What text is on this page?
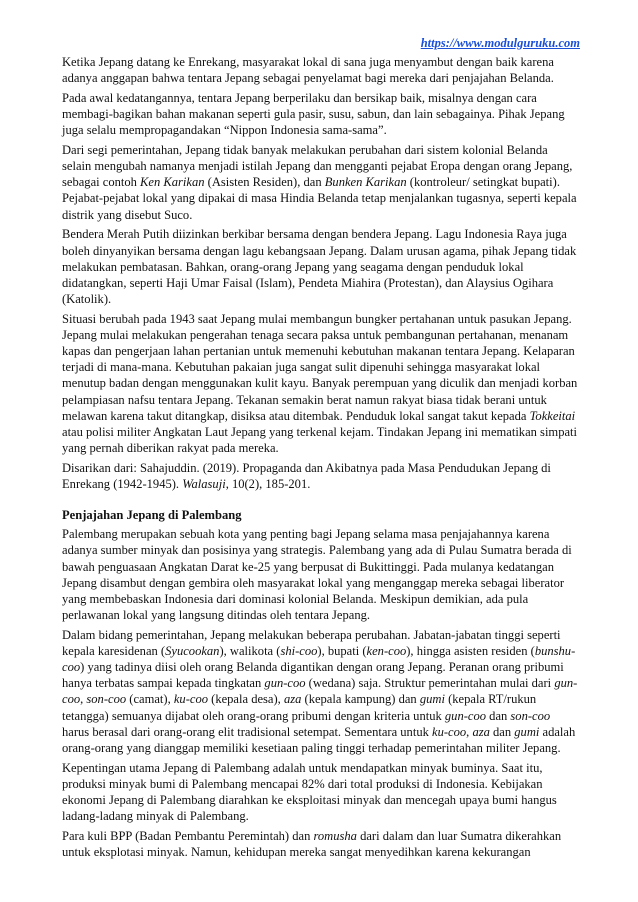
https://www.modulguruku.com

Ketika Jepang datang ke Enrekang, masyarakat lokal di sana juga menyambut dengan baik karena adanya anggapan bahwa tentara Jepang sebagai penyelamat bagi mereka dari penjajahan Belanda.

Pada awal kedatangannya, tentara Jepang berperilaku dan bersikap baik, misalnya dengan cara membagi-bagikan bahan makanan seperti gula pasir, susu, sabun, dan lain sebagainya. Pihak Jepang juga selalu mempropagandakan “Nippon Indonesia sama-sama”.

Dari segi pemerintahan, Jepang tidak banyak melakukan perubahan dari sistem kolonial Belanda selain mengubah namanya menjadi istilah Jepang dan mengganti pejabat Eropa dengan orang Jepang, sebagai contoh Ken Karikan (Asisten Residen), dan Bunken Karikan (kontroleur/ setingkat bupati). Pejabat-pejabat lokal yang dipakai di masa Hindia Belanda tetap menjalankan tugasnya, seperti kepala distrik yang disebut Suco.

Bendera Merah Putih diizinkan berkibar bersama dengan bendera Jepang. Lagu Indonesia Raya juga boleh dinyanyikan bersama dengan lagu kebangsaan Jepang. Dalam urusan agama, pihak Jepang tidak melakukan pembatasan. Bahkan, orang-orang Jepang yang seagama dengan penduduk lokal didatangkan, seperti Haji Umar Faisal (Islam), Pendeta Miahira (Protestan), dan Alaysius Ogihara (Katolik).

Situasi berubah pada 1943 saat Jepang mulai membangun bungker pertahanan untuk pasukan Jepang. Jepang mulai melakukan pengerahan tenaga secara paksa untuk pembangunan pertahanan, menanam kapas dan pengerjaan lahan pertanian untuk memenuhi kebutuhan makanan tentara Jepang. Kelaparan terjadi di mana-mana. Kebutuhan pakaian juga sangat sulit dipenuhi sehingga masyarakat lokal menutup badan dengan menggunakan kulit kayu. Banyak perempuan yang diculik dan menjadi korban pelampiasan nafsu tentara Jepang. Tekanan semakin berat namun rakyat biasa tidak berani untuk melawan karena takut ditangkap, disiksa atau ditembak. Penduduk lokal sangat takut kepada Tokkeitai atau polisi militer Angkatan Laut Jepang yang terkenal kejam. Tindakan Jepang ini mematikan simpati yang pernah diberikan rakyat pada mereka.

Disarikan dari: Sahajuddin. (2019). Propaganda dan Akibatnya pada Masa Pendudukan Jepang di Enrekang (1942-1945). Walasuji, 10(2), 185-201.

Penjajahan Jepang di Palembang

Palembang merupakan sebuah kota yang penting bagi Jepang selama masa penjajahannya karena adanya sumber minyak dan posisinya yang strategis. Palembang yang ada di Pulau Sumatra berada di bawah penguasaan Angkatan Darat ke-25 yang berpusat di Bukittinggi. Pada mulanya kedatangan Jepang disambut dengan gembira oleh masyarakat lokal yang menganggap mereka sebagai liberator yang membebaskan Indonesia dari dominasi kolonial Belanda. Meskipun demikian, ada pula perlawanan lokal yang langsung ditindas oleh tentara Jepang.

Dalam bidang pemerintahan, Jepang melakukan beberapa perubahan. Jabatan-jabatan tinggi seperti kepala karesidenan (Syucookan), walikota (shi-coo), bupati (ken-coo), hingga asisten residen (bunshu-coo) yang tadinya diisi oleh orang Belanda digantikan dengan orang Jepang. Peranan orang pribumi hanya terbatas sampai kepada tingkatan gun-coo (wedana) saja. Struktur pemerintahan mulai dari gun-coo, son-coo (camat), ku-coo (kepala desa), aza (kepala kampung) dan gumi (kepala RT/rukun tetangga) semuanya dijabat oleh orang-orang pribumi dengan kriteria untuk gun-coo dan son-coo harus berasal dari orang-orang elit tradisional setempat. Sementara untuk ku-coo, aza dan gumi adalah orang-orang yang dianggap memiliki kesetiaan paling tinggi terhadap pemerintahan militer Jepang.

Kepentingan utama Jepang di Palembang adalah untuk mendapatkan minyak buminya. Saat itu, produksi minyak bumi di Palembang mencapai 82% dari total produksi di Indonesia. Kebijakan ekonomi Jepang di Palembang diarahkan ke eksploitasi minyak dan mencegah upaya bumi hangus ladang-ladang minyak di Palembang.

Para kuli BPP (Badan Pembantu Peremintah) dan romusha dari dalam dan luar Sumatra dikerahkan untuk eksplotasi minyak. Namun, kehidupan mereka sangat menyedihkan karena kekurangan
